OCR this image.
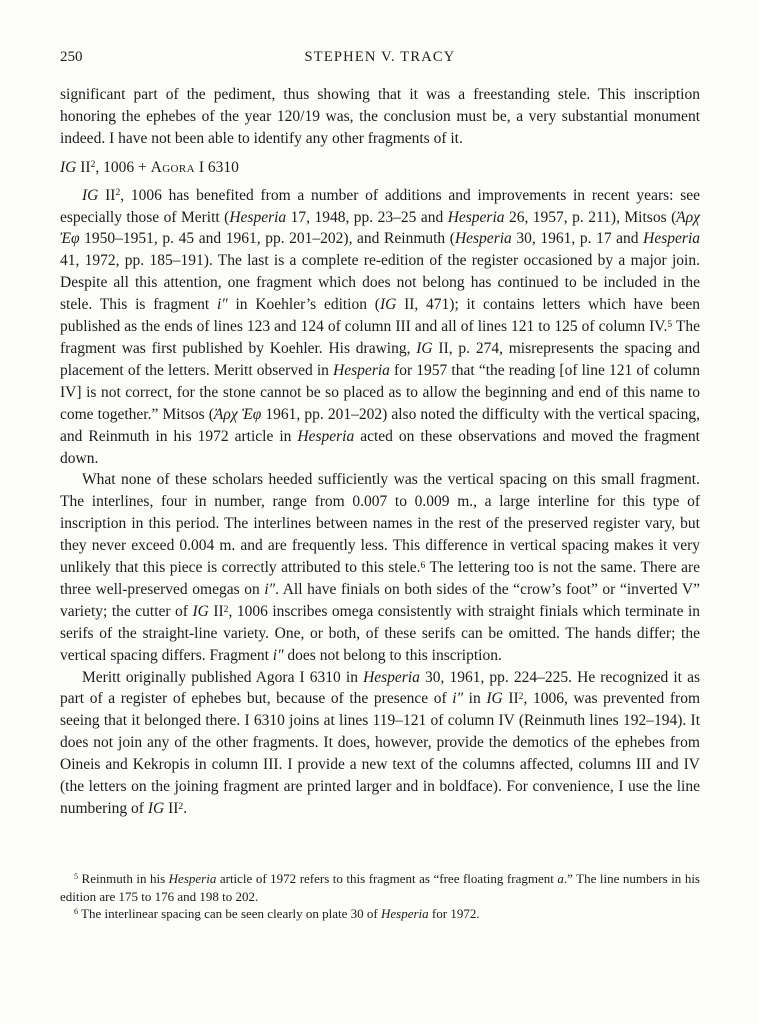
250	STEPHEN V. TRACY

significant part of the pediment, thus showing that it was a freestanding stele. This inscription honoring the ephebes of the year 120/19 was, the conclusion must be, a very substantial monument indeed. I have not been able to identify any other fragments of it.

IG $II^2$, 1006 + Agora I 6310

IG $II^2$, 1006 has benefited from a number of additions and improvements in recent years: see especially those of Meritt (Hesperia 17, 1948, pp. 23–25 and Hesperia 26, 1957, p. 211), Mitsos (Ἀρχ Ἐφ 1950–1951, p. 45 and 1961, pp. 201–202), and Reinmuth (Hesperia 30, 1961, p. 17 and Hesperia 41, 1972, pp. 185–191). The last is a complete re-edition of the register occasioned by a major join. Despite all this attention, one fragment which does not belong has continued to be included in the stele. This is fragment i″ in Koehler’s edition (IG II, 471); it contains letters which have been published as the ends of lines 123 and 124 of column III and all of lines 121 to 125 of column IV.$^5$ The fragment was first published by Koehler. His drawing, IG II, p. 274, misrepresents the spacing and placement of the letters. Meritt observed in Hesperia for 1957 that “the reading [of line 121 of column IV] is not correct, for the stone cannot be so placed as to allow the beginning and end of this name to come together.” Mitsos (Ἀρχ Ἐφ 1961, pp. 201–202) also noted the difficulty with the vertical spacing, and Reinmuth in his 1972 article in Hesperia acted on these observations and moved the fragment down.

What none of these scholars heeded sufficiently was the vertical spacing on this small fragment. The interlines, four in number, range from 0.007 to 0.009 m., a large interline for this type of inscription in this period. The interlines between names in the rest of the preserved register vary, but they never exceed 0.004 m. and are frequently less. This difference in vertical spacing makes it very unlikely that this piece is correctly attributed to this stele.$^6$ The lettering too is not the same. There are three well-preserved omegas on i″. All have finials on both sides of the “crow’s foot” or “inverted V” variety; the cutter of IG $II^2$, 1006 inscribes omega consistently with straight finials which terminate in serifs of the straight-line variety. One, or both, of these serifs can be omitted. The hands differ; the vertical spacing differs. Fragment i″ does not belong to this inscription.

Meritt originally published Agora I 6310 in Hesperia 30, 1961, pp. 224–225. He recognized it as part of a register of ephebes but, because of the presence of i″ in IG $II^2$, 1006, was prevented from seeing that it belonged there. I 6310 joins at lines 119–121 of column IV (Reinmuth lines 192–194). It does not join any of the other fragments. It does, however, provide the demotics of the ephebes from Oineis and Kekropis in column III. I provide a new text of the columns affected, columns III and IV (the letters on the joining fragment are printed larger and in boldface). For convenience, I use the line numbering of IG $II^2$.

$^5$ Reinmuth in his Hesperia article of 1972 refers to this fragment as “free floating fragment a.” The line numbers in his edition are 175 to 176 and 198 to 202.

$^6$ The interlinear spacing can be seen clearly on plate 30 of Hesperia for 1972.
